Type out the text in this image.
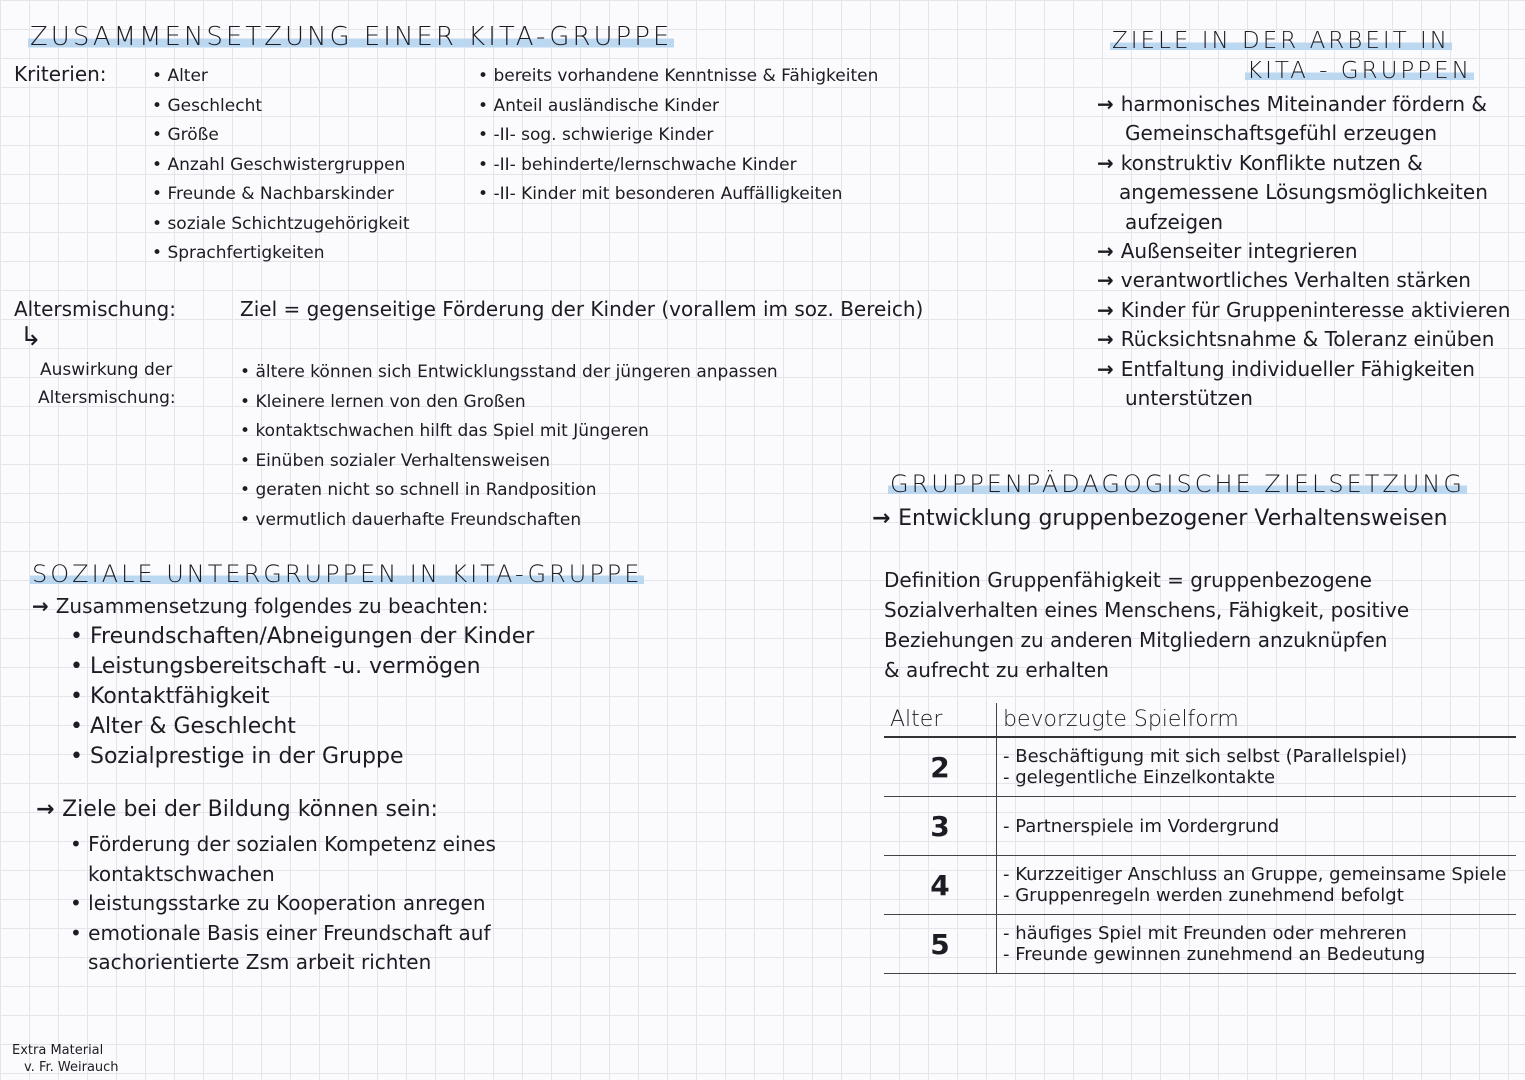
ZUSAMMENSETZUNG EINER KITA-GRUPPE
Kriterien:	• Alter
• Geschlecht
• Größe
• Anzahl Geschwistergruppen
• Freunde & Nachbarskinder
• soziale Schichtzugehörigkeit
• Sprachfertigkeiten
• bereits vorhandene Kenntnisse & Fähigkeiten
• Anteil ausländische Kinder
• -II- sog. schwierige Kinder
• -II- behinderte/lernschwache Kinder
• -II- Kinder mit besonderen Auffälligkeiten
Altersmischung:	Ziel = gegenseitige Förderung der Kinder (vorallem im soz. Bereich)
↳
Auswirkung der
Altersmischung:
• ältere können sich Entwicklungsstand der jüngeren anpassen
• Kleinere lernen von den Großen
• kontaktschwachen hilft das Spiel mit Jüngeren
• Einüben sozialer Verhaltensweisen
• geraten nicht so schnell in Randposition
• vermutlich dauerhafte Freundschaften
SOZIALE UNTERGRUPPEN IN KITA-GRUPPE
→ Zusammensetzung folgendes zu beachten:
• Freundschaften/Abneigungen der Kinder
• Leistungsbereitschaft -u. vermögen
• Kontaktfähigkeit
• Alter & Geschlecht
• Sozialprestige in der Gruppe
→ Ziele bei der Bildung können sein:
• Förderung der sozialen Kompetenz eines
kontaktschwachen
• leistungsstarke zu Kooperation anregen
• emotionale Basis einer Freundschaft auf
sachorientierte Zsm arbeit richten
ZIELE IN DER ARBEIT IN
KITA - GRUPPEN
→ harmonisches Miteinander fördern &
Gemeinschaftsgefühl erzeugen
→ konstruktiv Konflikte nutzen &
angemessene Lösungsmöglichkeiten
aufzeigen
→ Außenseiter integrieren
→ verantwortliches Verhalten stärken
→ Kinder für Gruppeninteresse aktivieren
→ Rücksichtsnahme & Toleranz einüben
→ Entfaltung individueller Fähigkeiten
unterstützen
GRUPPENPÄDAGOGISCHE ZIELSETZUNG
→ Entwicklung gruppenbezogener Verhaltensweisen
Definition Gruppenfähigkeit = gruppenbezogene
Sozialverhalten eines Menschens, Fähigkeit, positive
Beziehungen zu anderen Mitgliedern anzuknüpfen
& aufrecht zu erhalten
Alter	bevorzugte Spielform
2	- Beschäftigung mit sich selbst (Parallelspiel)
- gelegentliche Einzelkontakte

3	- Partnerspiele im Vordergrund

4	- Kurzzeitiger Anschluss an Gruppe, gemeinsame Spiele
- Gruppenregeln werden zunehmend befolgt

5	- häufiges Spiel mit Freunden oder mehreren
- Freunde gewinnen zunehmend an Bedeutung
Extra Material
v. Fr. Weirauch
